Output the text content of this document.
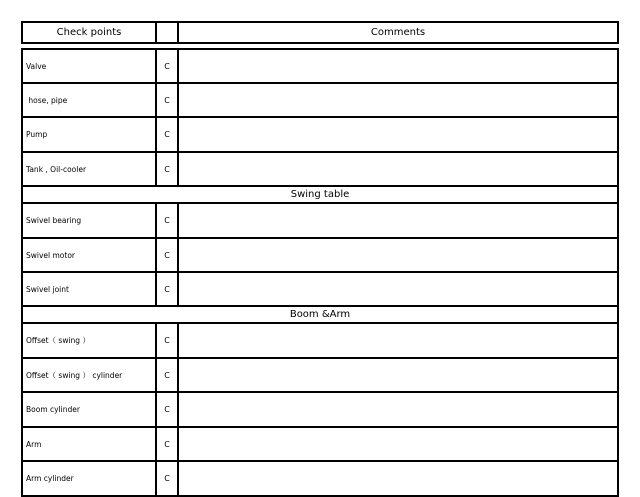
Check points	Comments
Valve	C
hose, pipe	C
Pump	C
Tank , Oil-cooler	C
Swing table
Swivel bearing	C
Swivel motor	C
Swivel joint	C
Boom &Arm
Offset（ swing ）	C
Offset（ swing ） cylinder	C
Boom cylinder	C
Arm	C
Arm cylinder	C
